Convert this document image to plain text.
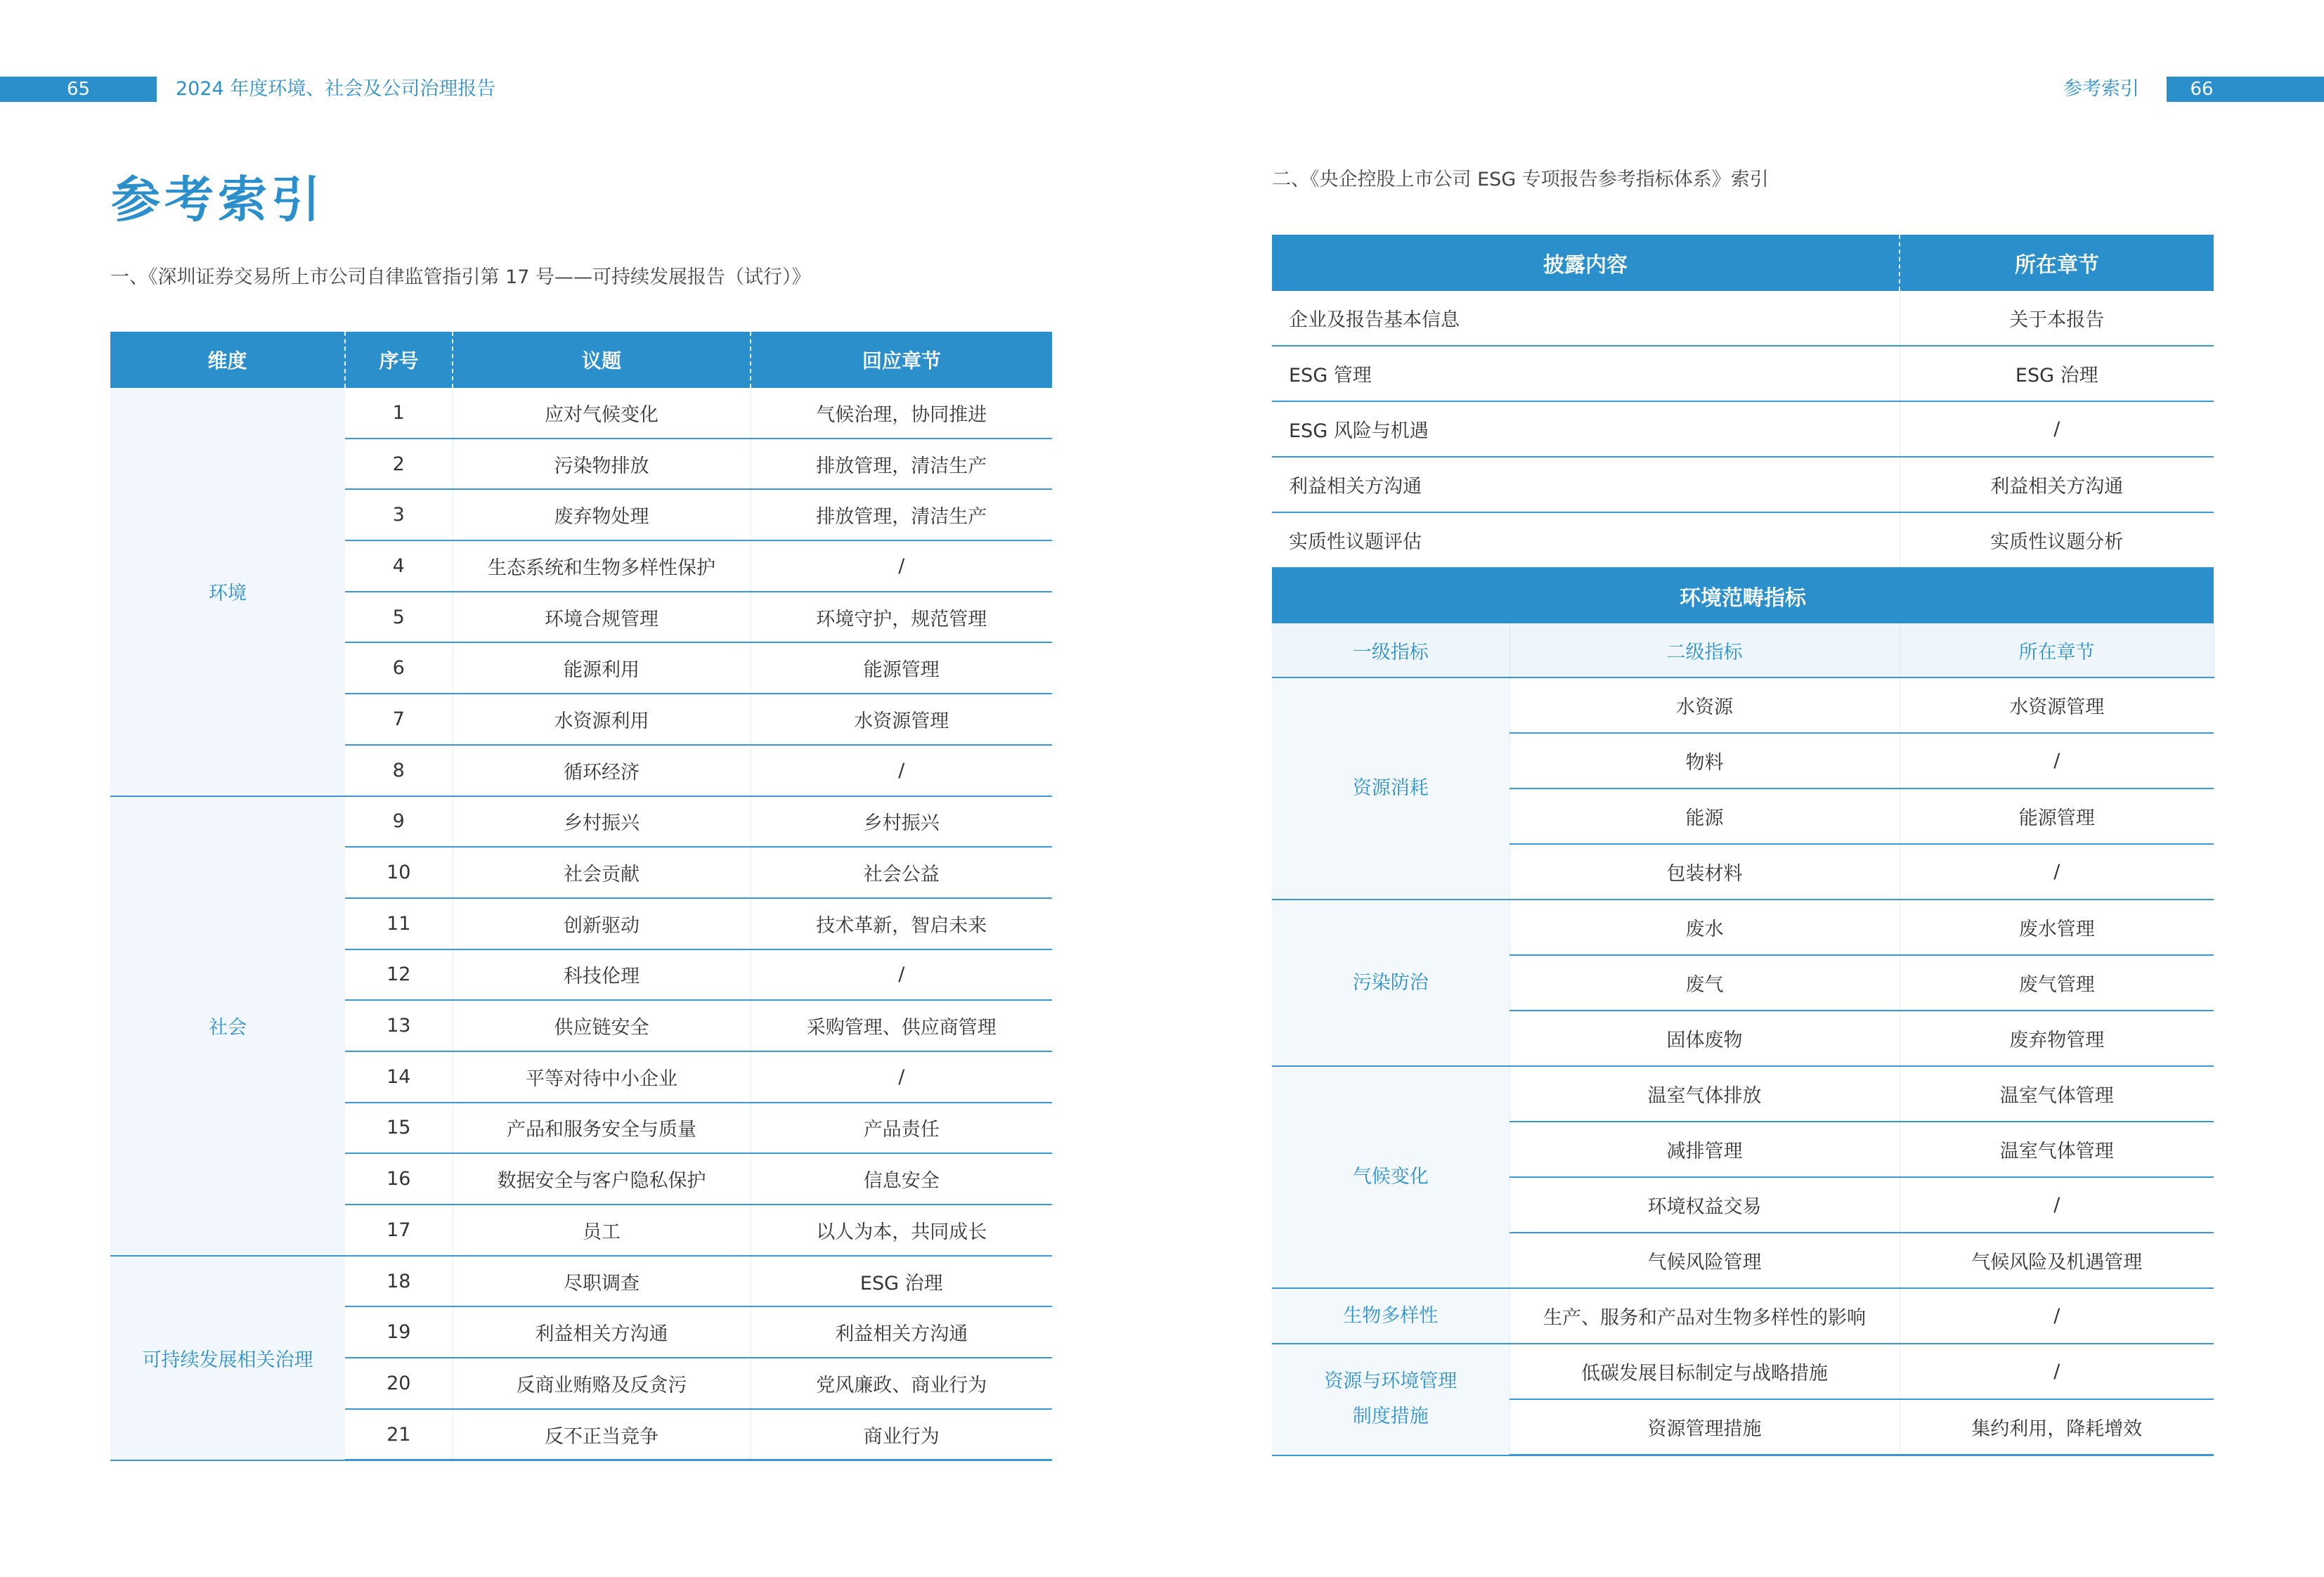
65	2024 年度环境、社会及公司治理报告	参考索引	66
参考索引
一、《深圳证券交易所上市公司自律监管指引第 17 号——可持续发展报告（试行）》
维度	序号	议题	回应章节
环境	1	应对气候变化	气候治理，协同推进
	2	污染物排放	排放管理，清洁生产
	3	废弃物处理	排放管理，清洁生产
	4	生态系统和生物多样性保护	/
	5	环境合规管理	环境守护，规范管理
	6	能源利用	能源管理
	7	水资源利用	水资源管理
	8	循环经济	/
社会	9	乡村振兴	乡村振兴
	10	社会贡献	社会公益
	11	创新驱动	技术革新，智启未来
	12	科技伦理	/
	13	供应链安全	采购管理、供应商管理
	14	平等对待中小企业	/
	15	产品和服务安全与质量	产品责任
	16	数据安全与客户隐私保护	信息安全
	17	员工	以人为本，共同成长
可持续发展相关治理	18	尽职调查	ESG 治理
	19	利益相关方沟通	利益相关方沟通
	20	反商业贿赂及反贪污	党风廉政、商业行为
	21	反不正当竞争	商业行为
二、《央企控股上市公司 ESG 专项报告参考指标体系》索引
披露内容		所在章节
企业及报告基本信息		关于本报告
ESG 管理		ESG 治理
ESG 风险与机遇		/
利益相关方沟通		利益相关方沟通
实质性议题评估		实质性议题分析
环境范畴指标		
一级指标	二级指标	所在章节
资源消耗	水资源	水资源管理
	物料	/
	能源	能源管理
	包装材料	/
污染防治	废水	废水管理
	废气	废气管理
	固体废物	废弃物管理
气候变化	温室气体排放	温室气体管理
	减排管理	温室气体管理
	环境权益交易	/
	气候风险管理	气候风险及机遇管理
生物多样性	生产、服务和产品对生物多样性的影响	/
资源与环境管理
制度措施	低碳发展目标制定与战略措施	/
	资源管理措施	集约利用，降耗增效
